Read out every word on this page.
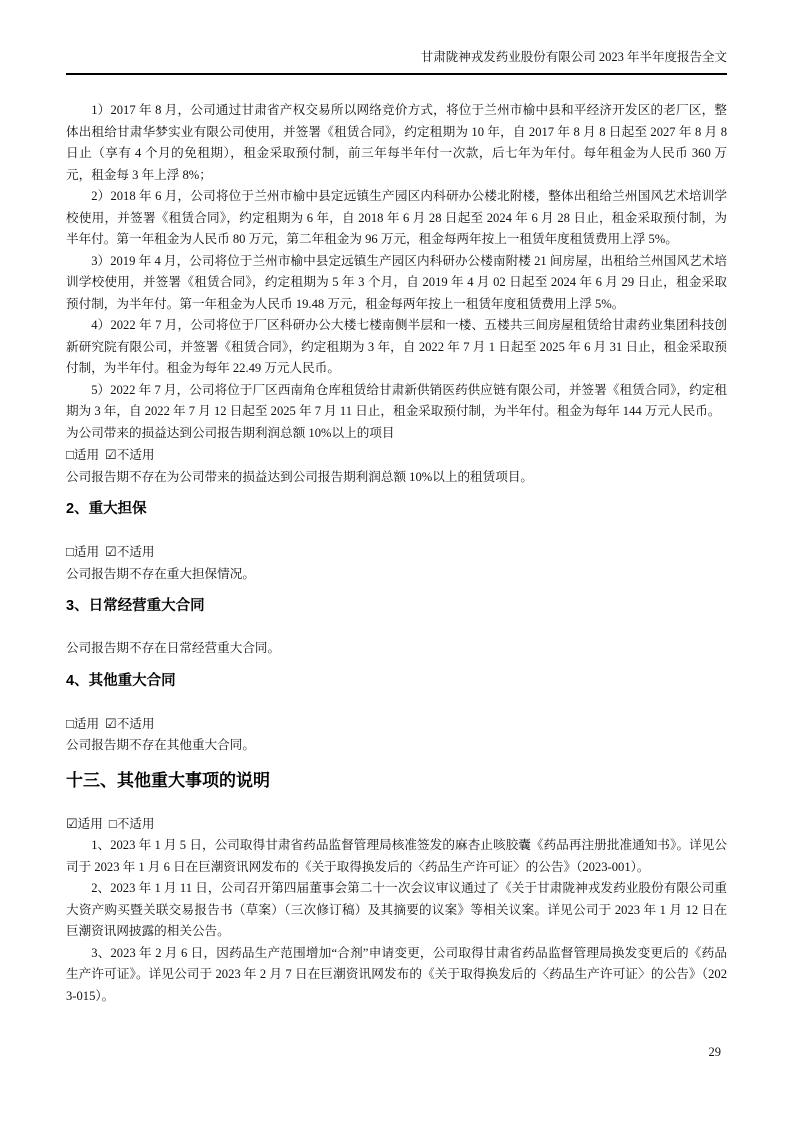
甘肃陇神戎发药业股份有限公司 2023 年半年度报告全文

1）2017 年 8 月，公司通过甘肃省产权交易所以网络竞价方式，将位于兰州市榆中县和平经济开发区的老厂区，整体出租给甘肃华梦实业有限公司使用，并签署《租赁合同》，约定租期为 10 年，自 2017 年 8 月 8 日起至 2027 年 8 月 8 日止（享有 4 个月的免租期），租金采取预付制，前三年每半年付一次款，后七年为年付。每年租金为人民币 360 万元，租金每 3 年上浮 8%；

2）2018 年 6 月，公司将位于兰州市榆中县定远镇生产园区内科研办公楼北附楼，整体出租给兰州国风艺术培训学校使用，并签署《租赁合同》，约定租期为 6 年，自 2018 年 6 月 28 日起至 2024 年 6 月 28 日止，租金采取预付制，为半年付。第一年租金为人民币 80 万元，第二年租金为 96 万元，租金每两年按上一租赁年度租赁费用上浮 5%。

3）2019 年 4 月，公司将位于兰州市榆中县定远镇生产园区内科研办公楼南附楼 21 间房屋，出租给兰州国风艺术培训学校使用，并签署《租赁合同》，约定租期为 5 年 3 个月，自 2019 年 4 月 02 日起至 2024 年 6 月 29 日止，租金采取预付制，为半年付。第一年租金为人民币 19.48 万元，租金每两年按上一租赁年度租赁费用上浮 5%。

4）2022 年 7 月，公司将位于厂区科研办公大楼七楼南侧半层和一楼、五楼共三间房屋租赁给甘肃药业集团科技创新研究院有限公司，并签署《租赁合同》，约定租期为 3 年，自 2022 年 7 月 1 日起至 2025 年 6 月 31 日止，租金采取预付制，为半年付。租金为每年 22.49 万元人民币。

5）2022 年 7 月，公司将位于厂区西南角仓库租赁给甘肃新供销医药供应链有限公司，并签署《租赁合同》，约定租期为 3 年，自 2022 年 7 月 12 日起至 2025 年 7 月 11 日止，租金采取预付制，为半年付。租金为每年 144 万元人民币。

为公司带来的损益达到公司报告期利润总额 10%以上的项目

□适用 ☑不适用

公司报告期不存在为公司带来的损益达到公司报告期利润总额 10%以上的租赁项目。

2、重大担保

□适用 ☑不适用

公司报告期不存在重大担保情况。

3、日常经营重大合同

公司报告期不存在日常经营重大合同。

4、其他重大合同

□适用 ☑不适用

公司报告期不存在其他重大合同。

十三、其他重大事项的说明

☑适用 □不适用

1、2023 年 1 月 5 日，公司取得甘肃省药品监督管理局核准签发的麻杏止咳胶囊《药品再注册批准通知书》。详见公司于 2023 年 1 月 6 日在巨潮资讯网发布的《关于取得换发后的〈药品生产许可证〉的公告》（2023-001）。

2、2023 年 1 月 11 日，公司召开第四届董事会第二十一次会议审议通过了《关于甘肃陇神戎发药业股份有限公司重大资产购买暨关联交易报告书（草案）（三次修订稿）及其摘要的议案》等相关议案。详见公司于 2023 年 1 月 12 日在巨潮资讯网披露的相关公告。

3、2023 年 2 月 6 日，因药品生产范围增加“合剂”申请变更，公司取得甘肃省药品监督管理局换发变更后的《药品生产许可证》。详见公司于 2023 年 2 月 7 日在巨潮资讯网发布的《关于取得换发后的〈药品生产许可证〉的公告》（2023-015）。

29
